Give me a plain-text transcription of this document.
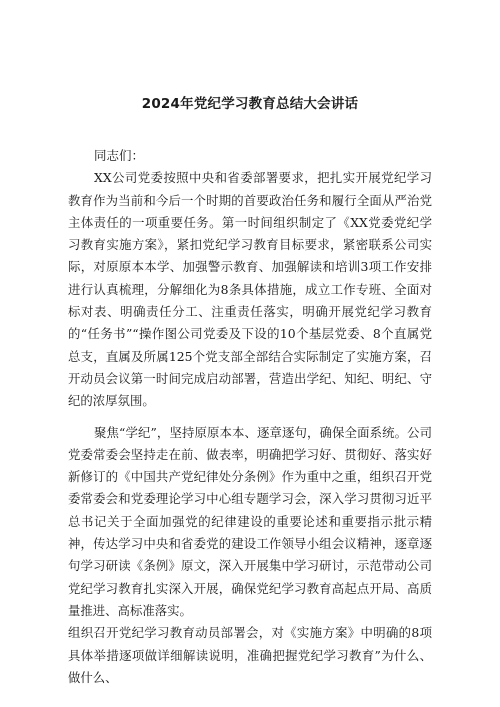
2024年党纪学习教育总结大会讲话

同志们：

XX公司党委按照中央和省委部署要求，把扎实开展党纪学习教育作为当前和今后一个时期的首要政治任务和履行全面从严治党主体责任的一项重要任务。第一时间组织制定了《XX党委党纪学习教育实施方案》，紧扣党纪学习教育目标要求，紧密联系公司实际，对原原本本学、加强警示教育、加强解读和培训3项工作安排进行认真梳理，分解细化为8条具体措施，成立工作专班、全面对标对表、明确责任分工、注重责任落实，明确开展党纪学习教育的“任务书”“操作图公司党委及下设的10个基层党委、8个直属党总支，直属及所属125个党支部全部结合实际制定了实施方案，召开动员会议第一时间完成启动部署，营造出学纪、知纪、明纪、守纪的浓厚氛围。

聚焦“学纪”，坚持原原本本、逐章逐句，确保全面系统。公司党委常委会坚持走在前、做表率，明确把学习好、贯彻好、落实好新修订的《中国共产党纪律处分条例》作为重中之重，组织召开党委常委会和党委理论学习中心组专题学习会，深入学习贯彻习近平总书记关于全面加强党的纪律建设的重要论述和重要指示批示精神，传达学习中央和省委党的建设工作领导小组会议精神，逐章逐句学习研读《条例》原文，深入开展集中学习研讨，示范带动公司党纪学习教育扎实深入开展，确保党纪学习教育高起点开局、高质量推进、高标准落实。

组织召开党纪学习教育动员部署会，对《实施方案》中明确的8项具体举措逐项做详细解读说明，准确把握党纪学习教育”为什么、做什么、
